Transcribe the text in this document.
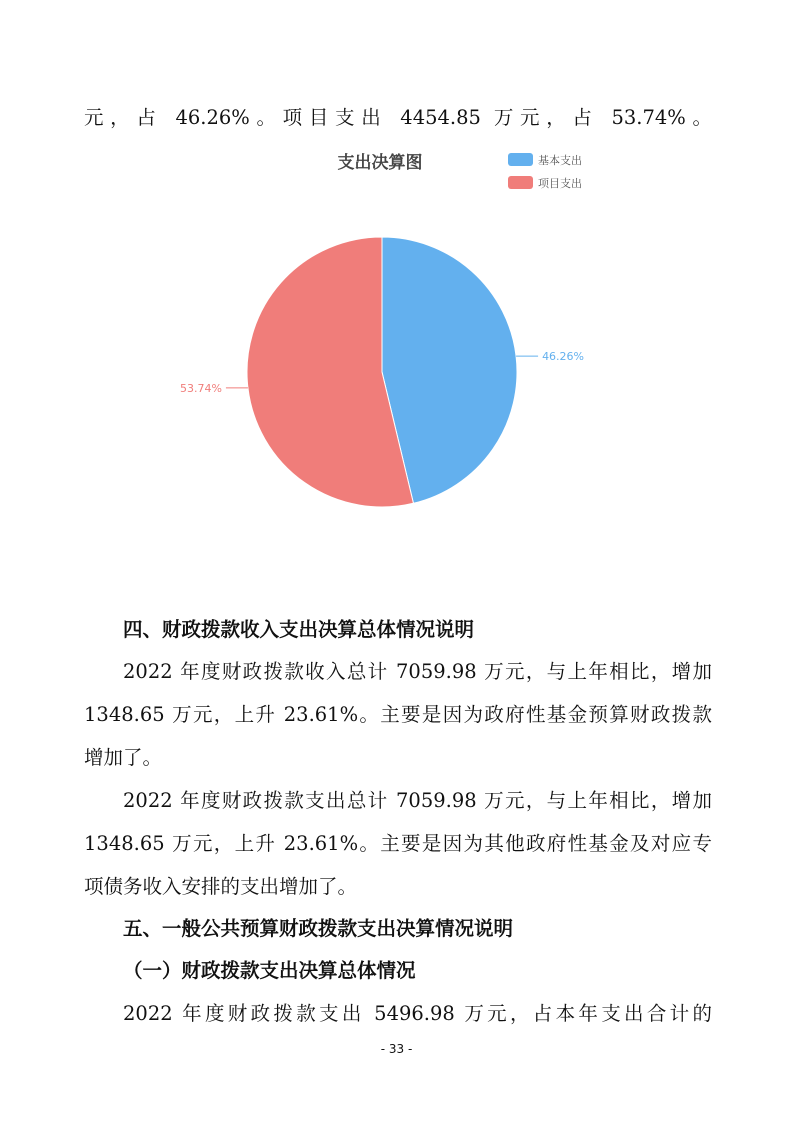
元，占 46.26%。项目支出 4454.85 万元，占 53.74%。
支出决算图	基本支出
项目支出
46.26%
53.74%
四、财政拨款收入支出决算总体情况说明
2022 年度财政拨款收入总计 7059.98 万元，与上年相比，增加
1348.65 万元，上升 23.61%。主要是因为政府性基金预算财政拨款
增加了。
2022 年度财政拨款支出总计 7059.98 万元，与上年相比，增加
1348.65 万元，上升 23.61%。主要是因为其他政府性基金及对应专
项债务收入安排的支出增加了。
五、一般公共预算财政拨款支出决算情况说明
（一）财政拨款支出决算总体情况
2022 年度财政拨款支出 5496.98 万元，占本年支出合计的
- 33 -
